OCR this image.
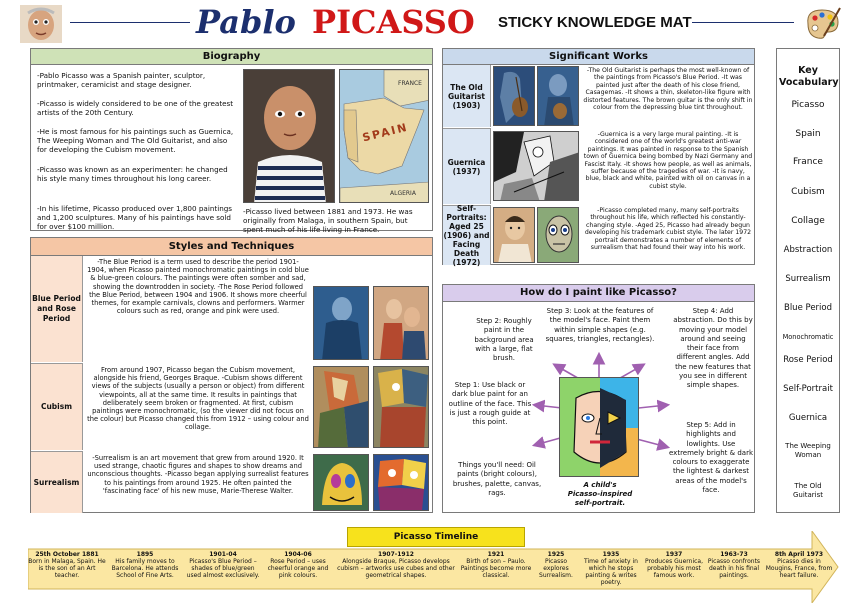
Pablo PICASSO STICKY KNOWLEDGE MAT
Biography
-Pablo Picasso was a Spanish painter, sculptor, printmaker, ceramicist and stage designer.
-Picasso is widely considered to be one of the greatest artists of the 20th Century.
-He is most famous for his paintings such as Guernica, The Weeping Woman and The Old Guitarist, and also for developing the Cubism movement.
-Picasso was known as an experimenter: he changed his style many times throughout his long career.
-In his lifetime, Picasso produced over 1,800 paintings and 1,200 sculptures. Many of his paintings have sold for over $100 million.
-Picasso lived between 1881 and 1973. He was originally from Malaga, in southern Spain, but spent much of his life living in France.
FRANCE
SPAIN
ALGERIA
Significant Works
The Old Guitarist (1903)
-The Old Guitarist is perhaps the most well-known of the paintings from Picasso's Blue Period. -It was painted just after the death of his close friend, Casagemas. -It shows a thin, skeleton-like figure with distorted features. The brown guitar is the only shift in colour from the depressing blue tint throughout.
Guernica (1937)
-Guernica is a very large mural painting. -It is considered one of the world's greatest anti-war paintings. It was painted in response to the Spanish town of Guernica being bombed by Nazi Germany and Fascist Italy. -It shows how people, as well as animals, suffer because of the tragedies of war. -It is navy, blue, black and white, painted with oil on canvas in a cubist style.
Self-Portraits: Aged 25 (1906) and Facing Death (1972)
-Picasso completed many, many self-portraits throughout his life, which reflected his constantly-changing style. -Aged 25, Picasso had already begun developing his trademark cubist style. The later 1972 portrait demonstrates a number of elements of surrealism that had found their way into his work.
Key Vocabulary
Picasso
Spain
France
Cubism
Collage
Abstraction
Surrealism
Blue Period
Monochromatic
Rose Period
Self-Portrait
Guernica
The Weeping Woman
The Old Guitarist
Styles and Techniques
Blue Period and Rose Period
-The Blue Period is a term used to describe the period 1901- 1904, when Picasso painted monochromatic paintings in cold blue & blue-green colours. The paintings were often somber and sad, showing the downtrodden in society. -The Rose Period followed the Blue Period, between 1904 and 1906. It shows more cheerful themes, for example carnivals, clowns and performers. Warmer colours such as red, orange and pink were used.
Cubism
From around 1907, Picasso began the Cubism movement, alongside his friend, Georges Braque. -Cubism shows different views of the subjects (usually a person or object) from different viewpoints, all at the same time. It results in paintings that deliberately seem broken or fragmented. At first, cubism paintings were monochromatic, (so the viewer did not focus on the colour) but Picasso changed this from 1912 – using colour and collage.
Surrealism
-Surrealism is an art movement that grew from around 1920. It used strange, chaotic figures and shapes to show dreams and unconscious thoughts. -Picasso began applying surrealist features to his paintings from around 1925. He often painted the 'fascinating face' of his new muse, Marie-Therese Walter.
How do I paint like Picasso?
Step 2: Roughly paint in the background area with a large, flat brush.
Step 3: Look at the features of the model's face. Paint them within simple shapes (e.g. squares, triangles, rectangles).
Step 4: Add abstraction. Do this by moving your model around and seeing their face from different angles. Add the new features that you see in different simple shapes.
Step 1: Use black or dark blue paint for an outline of the face. This is just a rough guide at this point.	Step 5: Add in highlights and lowlights. Use extremely bright & dark colours to exaggerate the lightest & darkest areas of the model's face.
Things you'll need: Oil paints (bright colours), brushes, palette, canvas, rags.
A child's Picasso-inspired self-portrait.
Picasso Timeline
25th October 1881
Born in Malaga, Spain. He is the son of an Art teacher.
1895
His family moves to Barcelona. He attends School of Fine Arts.
1901-04
Picasso's Blue Period – shades of blue/green used almost exclusively.
1904-06
Rose Period – uses cheerful orange and pink colours.
1907-1912
Alongside Braque, Picasso develops cubism – artworks use cubes and other geometrical shapes.
1921
Birth of son – Paulo. Paintings become more classical.
1925
Picasso explores Surrealism.
1935
Time of anxiety in which he stops painting & writes poetry.
1937
Produces Guernica, probably his most famous work.
1963-73
Picasso confronts death in his final paintings.
8th April 1973
Picasso dies in Mougins, France, from heart failure.
